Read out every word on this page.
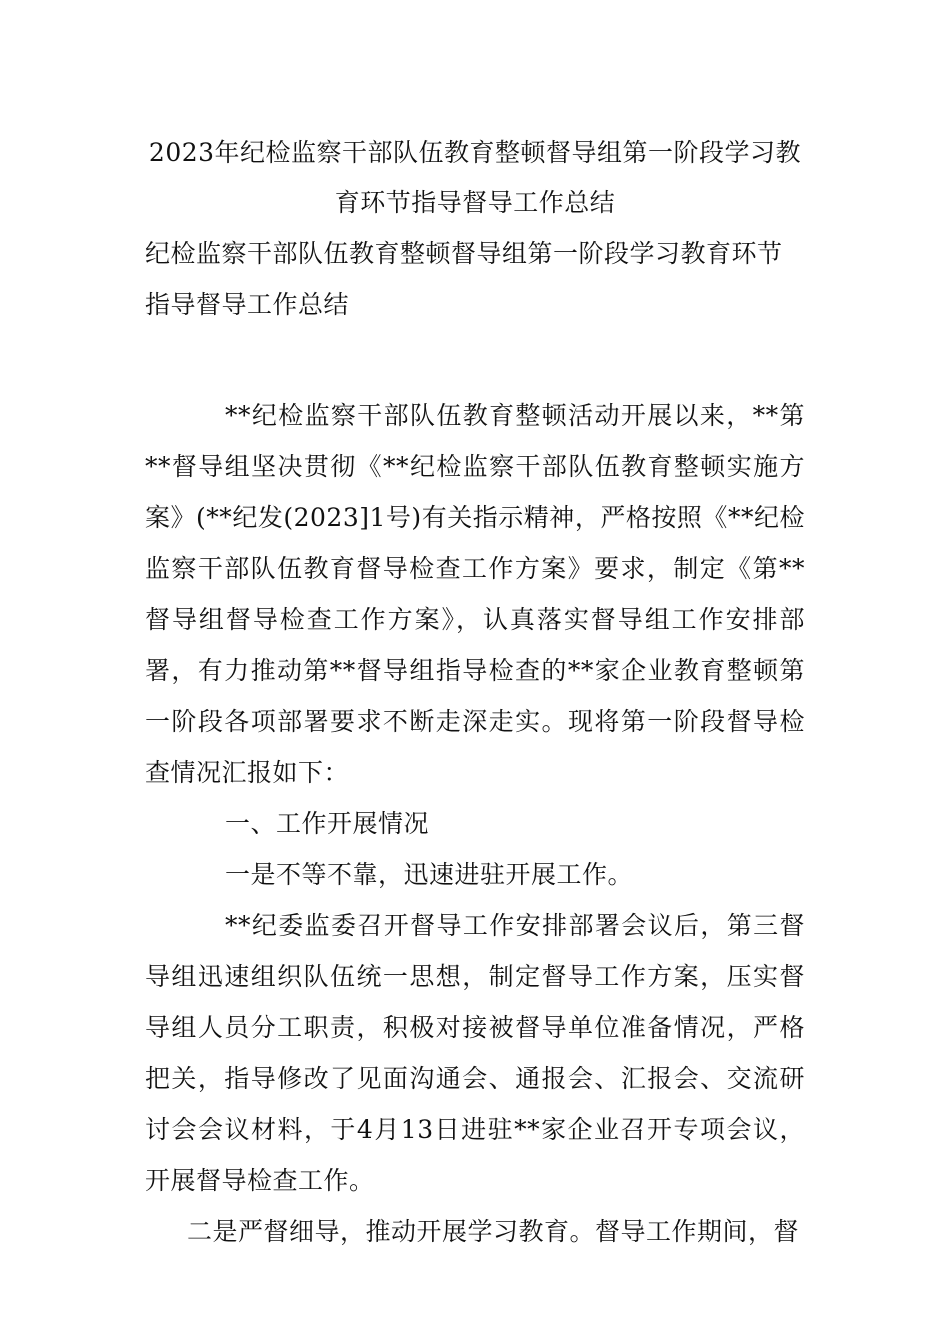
2023年纪检监察干部队伍教育整顿督导组第一阶段学习教育环节指导督导工作总结

纪检监察干部队伍教育整顿督导组第一阶段学习教育环节指导督导工作总结

**纪检监察干部队伍教育整顿活动开展以来，**第**督导组坚决贯彻《**纪检监察干部队伍教育整顿实施方案》(**纪发(2023]1号)有关指示精神，严格按照《**纪检监察干部队伍教育督导检查工作方案》要求，制定《第**督导组督导检查工作方案》，认真落实督导组工作安排部署，有力推动第**督导组指导检查的**家企业教育整顿第一阶段各项部署要求不断走深走实。现将第一阶段督导检查情况汇报如下：

一、工作开展情况

一是不等不靠，迅速进驻开展工作。

**纪委监委召开督导工作安排部署会议后，第三督导组迅速组织队伍统一思想，制定督导工作方案，压实督导组人员分工职责，积极对接被督导单位准备情况，严格把关，指导修改了见面沟通会、通报会、汇报会、交流研讨会会议材料，于4月13日进驻**家企业召开专项会议，开展督导检查工作。

二是严督细导，推动开展学习教育。督导工作期间，督
